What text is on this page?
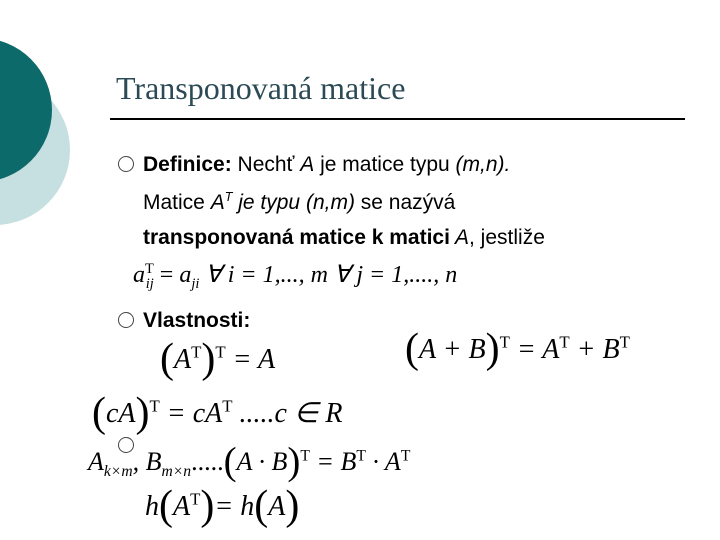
Transponovaná matice
Definice: Nechť A je matice typu (m,n).
Matice $A^T$ je typu (n,m) se nazývá
transponovaná matice k matici A, jestliže
$a^T_{ij} = a_{ji}$ ∀ i = 1,..., m ∀ j = 1,...., n
Vlastnosti:
$(A^T)^T = A$	$(A + B)^T = A^T + B^T$
$(cA)^T = cA^T$ .....c ∈ R
$A_{k\times m}$, $B_{m\times n}.....(A \cdot B)^T = B^T \cdot A^T$
$h(A^T)= h(A)$
